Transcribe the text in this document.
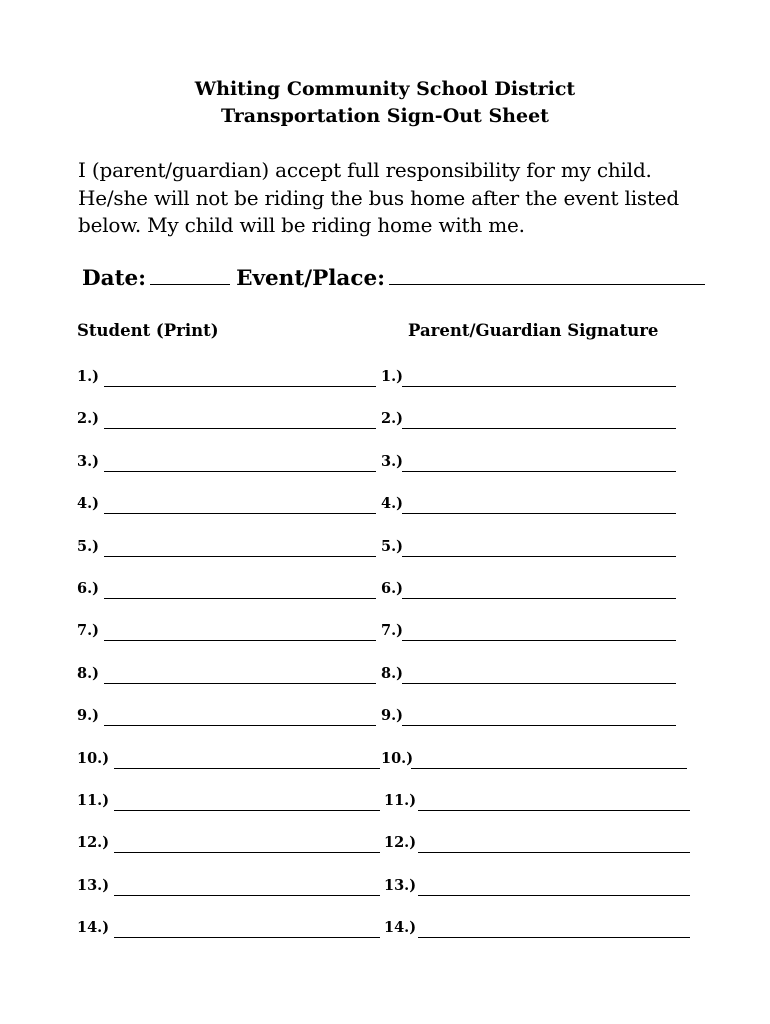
Whiting Community School District
Transportation Sign-Out Sheet

I (parent/guardian) accept full responsibility for my child. He/she will not be riding the bus home after the event listed below. My child will be riding home with me.

Date:	Event/Place:
Student (Print)	Parent/Guardian Signature
1.)	1.)
2.)	2.)
3.)	3.)
4.)	4.)
5.)	5.)
6.)	6.)
7.)	7.)
8.)	8.)
9.)	9.)
10.)	10.)
11.)	11.)
12.)	12.)
13.)	13.)
14.)	14.)
